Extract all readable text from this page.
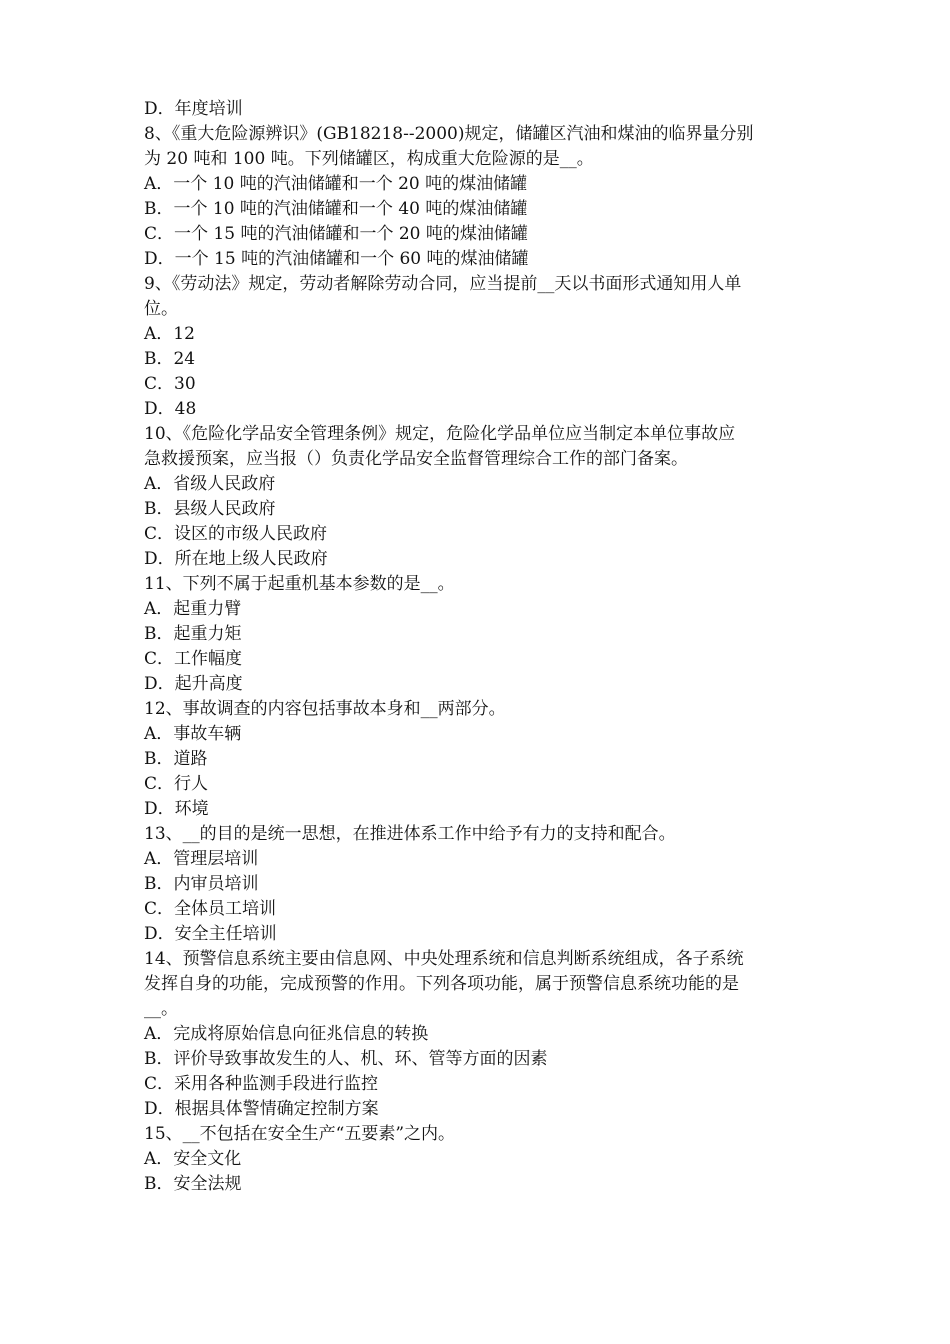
D．年度培训
8、《重大危险源辨识》(GB18218--2000)规定，储罐区汽油和煤油的临界量分别
为 20 吨和 100 吨。下列储罐区，构成重大危险源的是__。
A．一个 10 吨的汽油储罐和一个 20 吨的煤油储罐
B．一个 10 吨的汽油储罐和一个 40 吨的煤油储罐
C．一个 15 吨的汽油储罐和一个 20 吨的煤油储罐
D．一个 15 吨的汽油储罐和一个 60 吨的煤油储罐
9、《劳动法》规定，劳动者解除劳动合同，应当提前__天以书面形式通知用人单
位。
A．12
B．24
C．30
D．48
10、《危险化学品安全管理条例》规定，危险化学品单位应当制定本单位事故应
急救援预案，应当报（）负责化学品安全监督管理综合工作的部门备案。
A．省级人民政府
B．县级人民政府
C．设区的市级人民政府
D．所在地上级人民政府
11、下列不属于起重机基本参数的是__。
A．起重力臂
B．起重力矩
C．工作幅度
D．起升高度
12、事故调查的内容包括事故本身和__两部分。
A．事故车辆
B．道路
C．行人
D．环境
13、__的目的是统一思想，在推进体系工作中给予有力的支持和配合。
A．管理层培训
B．内审员培训
C．全体员工培训
D．安全主任培训
14、预警信息系统主要由信息网、中央处理系统和信息判断系统组成，各子系统
发挥自身的功能，完成预警的作用。下列各项功能，属于预警信息系统功能的是
__。
A．完成将原始信息向征兆信息的转换
B．评价导致事故发生的人、机、环、管等方面的因素
C．采用各种监测手段进行监控
D．根据具体警情确定控制方案
15、__不包括在安全生产“五要素”之内。
A．安全文化
B．安全法规
